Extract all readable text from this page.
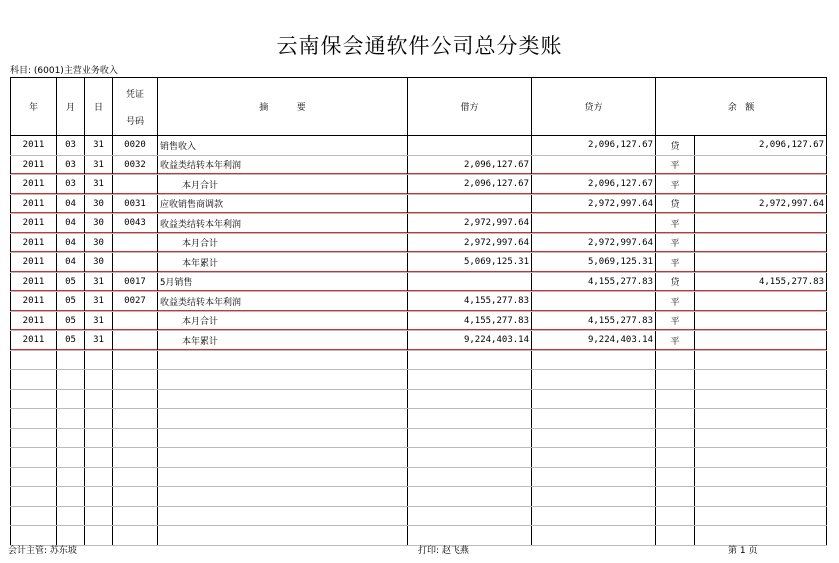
云南保会通软件公司总分类账
科目: (6001)主营业务收入
年	月	日	凭证
号码	摘          要	借方	贷方	余   额	
2011	03	31	0020	销售收入		2,096,127.67	贷	2,096,127.67
2011	03	31	0032	收益类结转本年利润	2,096,127.67		平	
2011	03	31		本月合计	2,096,127.67	2,096,127.67	平	
2011	04	30	0031	应收销售商调款		2,972,997.64	贷	2,972,997.64
2011	04	30	0043	收益类结转本年利润	2,972,997.64		平	
2011	04	30		本月合计	2,972,997.64	2,972,997.64	平	
2011	04	30		本年累计	5,069,125.31	5,069,125.31	平	
2011	05	31	0017	5月销售		4,155,277.83	贷	4,155,277.83
2011	05	31	0027	收益类结转本年利润	4,155,277.83		平	
2011	05	31		本月合计	4,155,277.83	4,155,277.83	平	
2011	05	31		本年累计	9,224,403.14	9,224,403.14	平	

会计主管: 苏东坡	打印: 赵飞燕	第 1 页
